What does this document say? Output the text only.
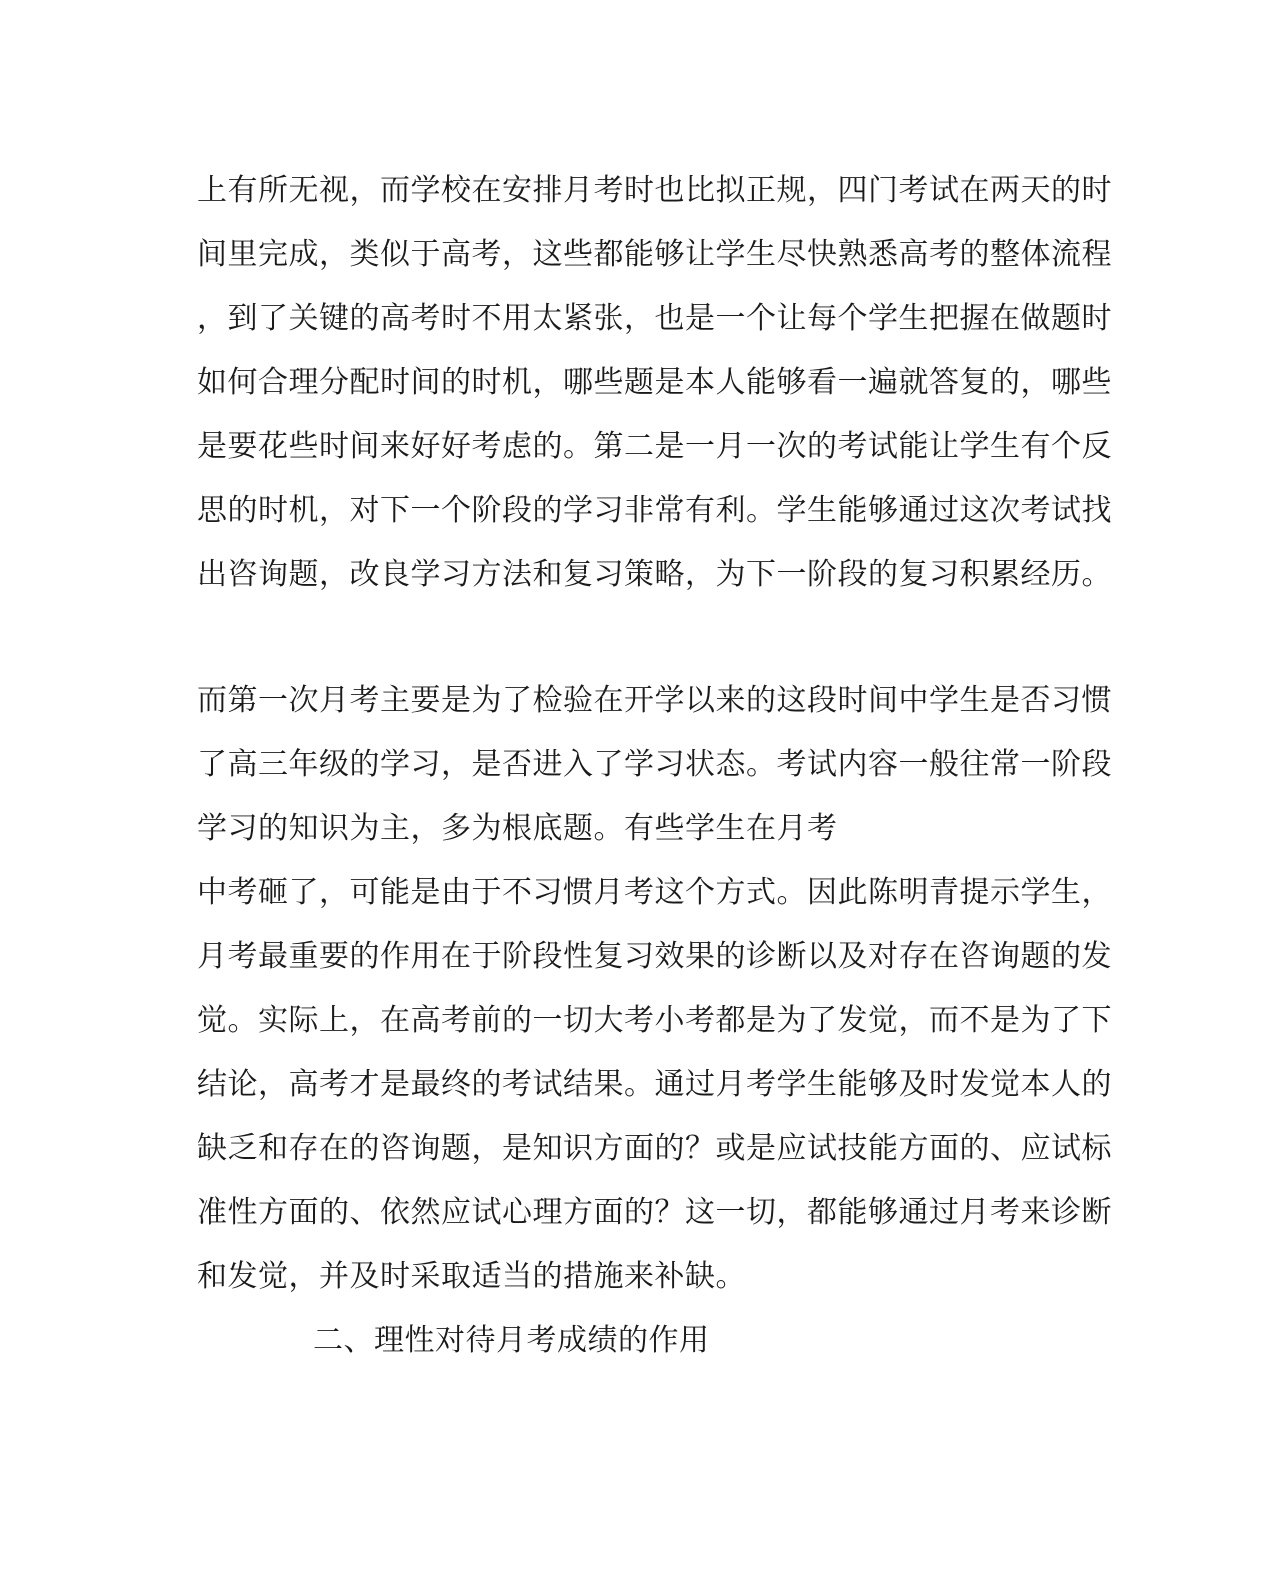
上有所无视，而学校在安排月考时也比拟正规，四门考试在两天的时
间里完成，类似于高考，这些都能够让学生尽快熟悉高考的整体流程
，到了关键的高考时不用太紧张，也是一个让每个学生把握在做题时
如何合理分配时间的时机，哪些题是本人能够看一遍就答复的，哪些
是要花些时间来好好考虑的。第二是一月一次的考试能让学生有个反
思的时机，对下一个阶段的学习非常有利。学生能够通过这次考试找
出咨询题，改良学习方法和复习策略，为下一阶段的复习积累经历。
而第一次月考主要是为了检验在开学以来的这段时间中学生是否习惯
了高三年级的学习，是否进入了学习状态。考试内容一般往常一阶段
学习的知识为主，多为根底题。有些学生在月考
中考砸了，可能是由于不习惯月考这个方式。因此陈明青提示学生，
月考最重要的作用在于阶段性复习效果的诊断以及对存在咨询题的发
觉。实际上，在高考前的一切大考小考都是为了发觉，而不是为了下
结论，高考才是最终的考试结果。通过月考学生能够及时发觉本人的
缺乏和存在的咨询题，是知识方面的？或是应试技能方面的、应试标
准性方面的、依然应试心理方面的？这一切，都能够通过月考来诊断
和发觉，并及时采取适当的措施来补缺。
二、理性对待月考成绩的作用
